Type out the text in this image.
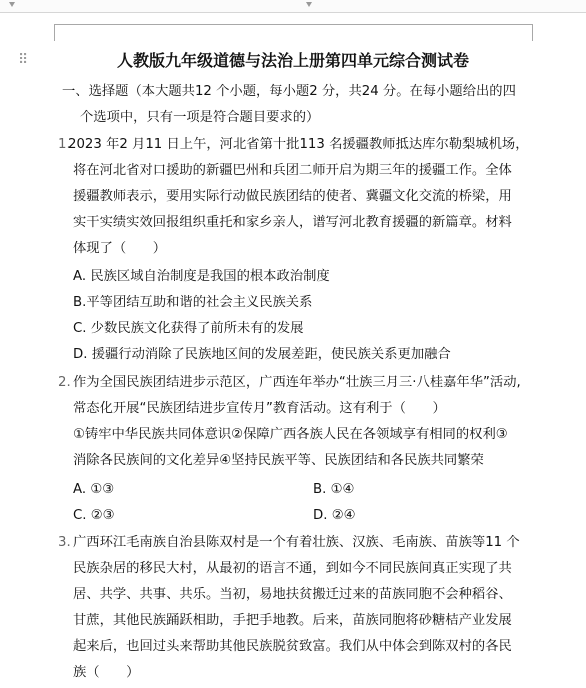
⠿	人教版九年级道德与法治上册第四单元综合测试卷
一、选择题（本大题共12 个小题，每小题2 分，共24 分。在每小题给出的四
个选项中，只有一项是符合题目要求的）
1.
2023 年2 月11 日上午，河北省第十批113 名援疆教师抵达库尔勒梨城机场，
将在河北省对口援助的新疆巴州和兵团二师开启为期三年的援疆工作。全体
援疆教师表示，要用实际行动做民族团结的使者、冀疆文化交流的桥梁，用
实干实绩实效回报组织重托和家乡亲人，谱写河北教育援疆的新篇章。材料
体现了（　　）
A. 民族区域自治制度是我国的根本政治制度
B.平等团结互助和谐的社会主义民族关系
C. 少数民族文化获得了前所未有的发展
D. 援疆行动消除了民族地区间的发展差距，使民族关系更加融合
2. 作为全国民族团结进步示范区，广西连年举办“壮族三月三·八桂嘉年华”活动,
常态化开展“民族团结进步宣传月”教育活动。这有利于（　　）
①铸牢中华民族共同体意识②保障广西各族人民在各领域享有相同的权利③
消除各民族间的文化差异④坚持民族平等、民族团结和各民族共同繁荣
A. ①③	B. ①④
C. ②③	D. ②④
3. 广西环江毛南族自治县陈双村是一个有着壮族、汉族、毛南族、苗族等11 个
民族杂居的移民大村，从最初的语言不通，到如今不同民族间真正实现了共
居、共学、共事、共乐。当初，易地扶贫搬迁过来的苗族同胞不会种稻谷、
甘蔗，其他民族踊跃相助，手把手地教。后来，苗族同胞将砂糖桔产业发展
起来后，也回过头来帮助其他民族脱贫致富。我们从中体会到陈双村的各民
族（　　）
